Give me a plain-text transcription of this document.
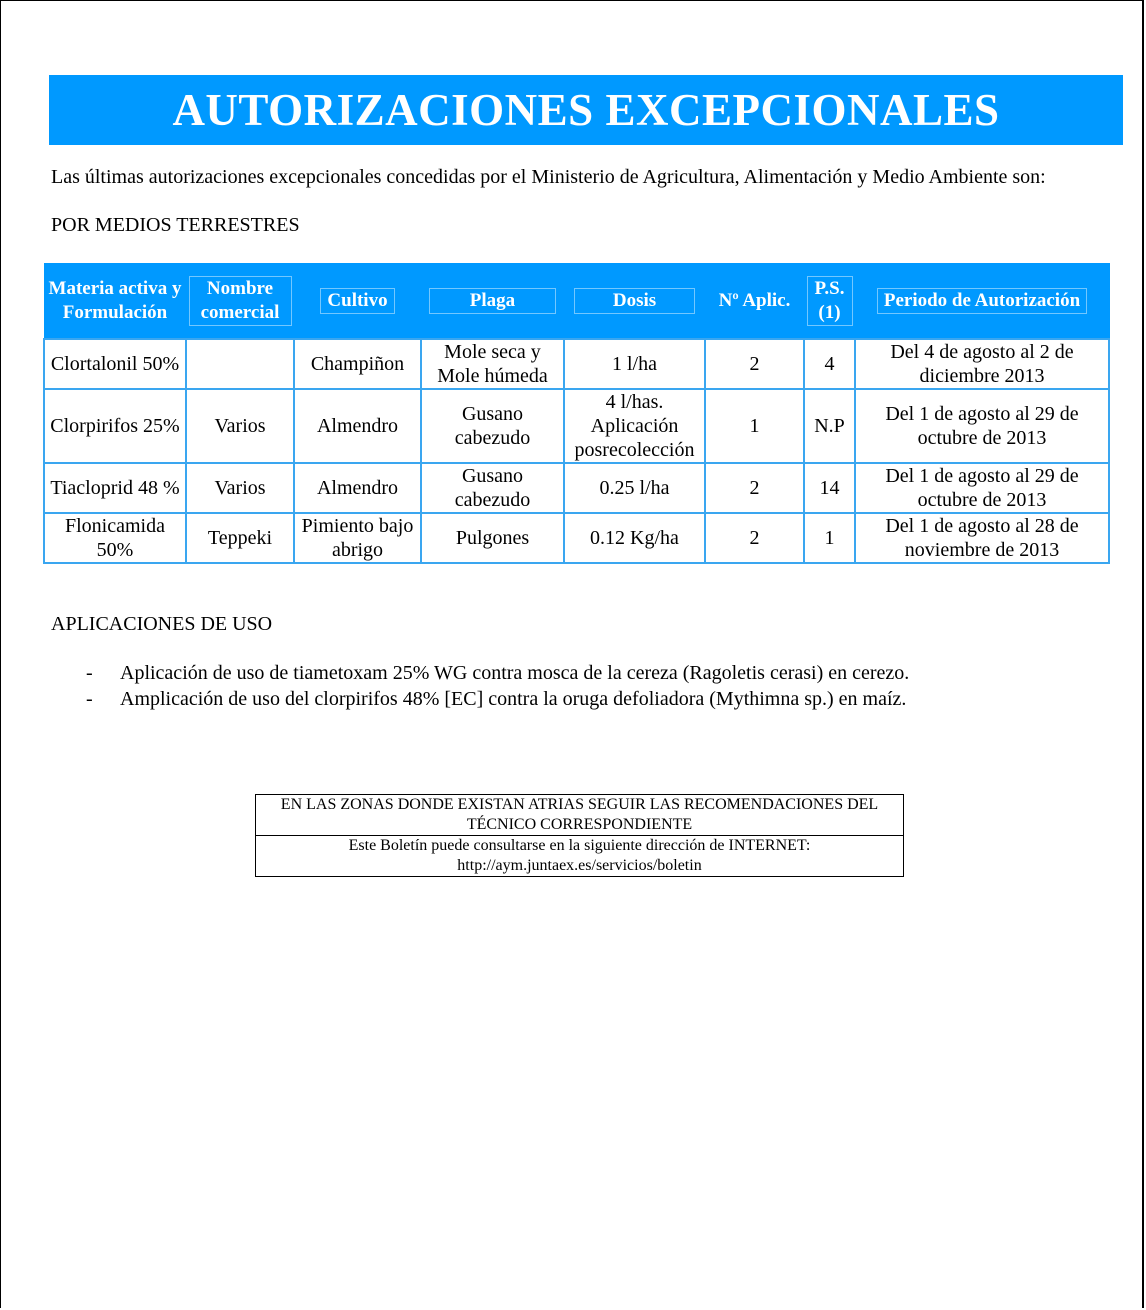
AUTORIZACIONES EXCEPCIONALES
Las últimas autorizaciones excepcionales concedidas por el Ministerio de Agricultura, Alimentación y Medio Ambiente son:
POR MEDIOS TERRESTRES
Materia activa y Formulación	Nombre comercial	Cultivo	Plaga	Dosis	Nº Aplic.	P.S. (1)	Periodo de Autorización
Clortalonil 50%		Champiñon	Mole seca y Mole húmeda	1 l/ha	2	4	Del 4 de agosto al 2 de diciembre 2013
Clorpirifos 25%	Varios	Almendro	Gusano cabezudo	4 l/has. Aplicación posrecolección	1	N.P	Del 1 de agosto al 29 de octubre de 2013
Tiacloprid 48 %	Varios	Almendro	Gusano cabezudo	0.25 l/ha	2	14	Del 1 de agosto al 29 de octubre de 2013
Flonicamida 50%	Teppeki	Pimiento bajo abrigo	Pulgones	0.12 Kg/ha	2	1	Del 1 de agosto al 28 de noviembre de 2013
APLICACIONES DE USO
- Aplicación de uso de tiametoxam 25% WG contra mosca de la cereza (Ragoletis cerasi) en cerezo.
- Amplicación de uso del clorpirifos 48% [EC] contra la oruga defoliadora (Mythimna sp.) en maíz.
EN LAS ZONAS DONDE EXISTAN ATRIAS SEGUIR LAS RECOMENDACIONES DEL TÉCNICO CORRESPONDIENTE
Este Boletín puede consultarse en la siguiente dirección de INTERNET: http://aym.juntaex.es/servicios/boletin
